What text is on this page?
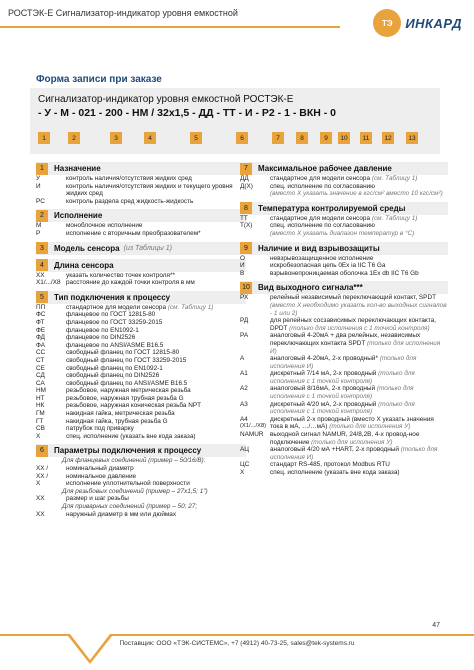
РОСТЭК-Е Сигнализатор-индикатор уровня емкостной
ТЭ ИНКАРД
Форма записи при заказе
Сигнализатор-индикатор уровня емкостной РОСТЭК-Е
- У - М - 021 - 200 - НМ / 32х1,5 - ДД - ТТ - И - Р2 - 1 - ВКН - 0
1	2	3	4	5	6	7	8	9	10	11	12	13
1	Назначение
У	контроль наличия/отсутствия жидких сред
И	контроль наличия/отсутствия жидких и текущего уровня жидких сред
РС	контроль раздела сред жидкость-жидкость
2	Исполнение
М	моноблочное исполнение
Р	исполнение с вторичным преобразователем*
3	Модель сенсора (из Таблицы 1)
4	Длина сенсора
ХХ	указать количество точек контроля**
Х1/.../Х8 расстояние до каждой точки контроля в мм
5	Тип подключения к процессу
ПП	стандартное для модели сенсора (см. Таблицу 1)
ФС	фланцевое по ГОСТ 12815-80
ФТ	фланцевое по ГОСТ 33259-2015
ФЕ	фланцевое по EN1092-1
ФД	фланцевое по DIN2526
ФА	фланцевое по ANSI/ASME B16.5
СС	свободный фланец по ГОСТ 12815-80
СТ	свободный фланец по ГОСТ 33259-2015
СЕ	свободный фланец по EN1092-1
СД	свободный фланец по DIN2526
СА	свободный фланец по ANSI/ASME B16.5
НМ	резьбовое, наружная метрическая резьба
НТ	резьбовое, наружная трубная резьба G
НК	резьбовое, наружная коническая резьба NPT
ГМ	накидная гайка, метрическая резьба
ГТ	накидная гайка, трубная резьба G
СВ	патрубок под приварку
Х	спец. исполнение (указать вне кода заказа)
6	Параметры подключения к процессу
Для фланцевых соединений (пример – 50/16/В):
ХХ /	номинальный диаметр
ХХ /	номинальное давление
Х	исполнение уплотнительной поверхности
Для резьбовых соединений (пример – 27х1,5; 1")
ХХ	размер и шаг резьбы
Для приварных соединений (пример – 50; 27;
ХХ	наружный диаметр в мм или дюймах
7	Максимальное рабочее давление
ДД	стандартное для модели сенсора (см. Таблицу 1)
Д(Х)	спец. исполнение по согласованию
(вместо Х указать значение в кгс/см² вместо 10 кгс/см²)
8	Температура контролируемой среды
ТТ	стандартное для модели сенсора (см. Таблицу 1)
Т(Х)	спец. исполнение по согласованию
(вместо Х указать диапазон температур в °С)
9	Наличие и вид взрывозащиты
О	невзрывозащищенное исполнение
И	искробезопасная цепь 0Ex ia IIC T6 Ga
В	взрывонепроницаемая оболочка 1Ex db IIC T6 Gb
10 Вид выходного сигнала***
РХ	релейный независимый переключающий контакт, SPDT (вместо Х необходимо указать кол-во выходных сигналов - 1 или 2)
РД	для релейных сосзависимых переключающих контакта, DPDT (только для исполнения с 1 точкой контроля)
РА	аналоговый 4-20мА + два релейных, независимых переключающих контакта SPDT (только для исполнения И)
А	аналоговый 4-20мА, 2-х проводный* (только для исполнения И)
А1	дискретный 7/14 мА, 2-х проводный (только для исполнения с 1 точкой контроля)
А2	аналоговый 8/16мА, 2-х проводный (только для исполнения с 1 точкой контроля)
А3	дискретный 4/20 мА, 2-х проводный (только для исполнения с 1 точкой контроля)
А4	дискретный 2-х проводный (вместо Х указать значения
(Х1/.../Х8) тока в мА, …/…мА) (только для исполнения У)
NAMUR	выходной сигнал NAMUR, 24/8,2В, 4-х провод-ное подключение (только для исполнения У)
АЦ	аналоговый 4/20 мА +HART, 2-х проводный (только для исполнения И)
ЦС	стандарт RS-485, протокол Modbus RTU
Х	спец. исполнение (указать вне кода заказа)
47
Поставщик: ООО «ТЭК-СИСТЕМС», +7 (4912) 40-73-25, sales@tek-systems.ru
